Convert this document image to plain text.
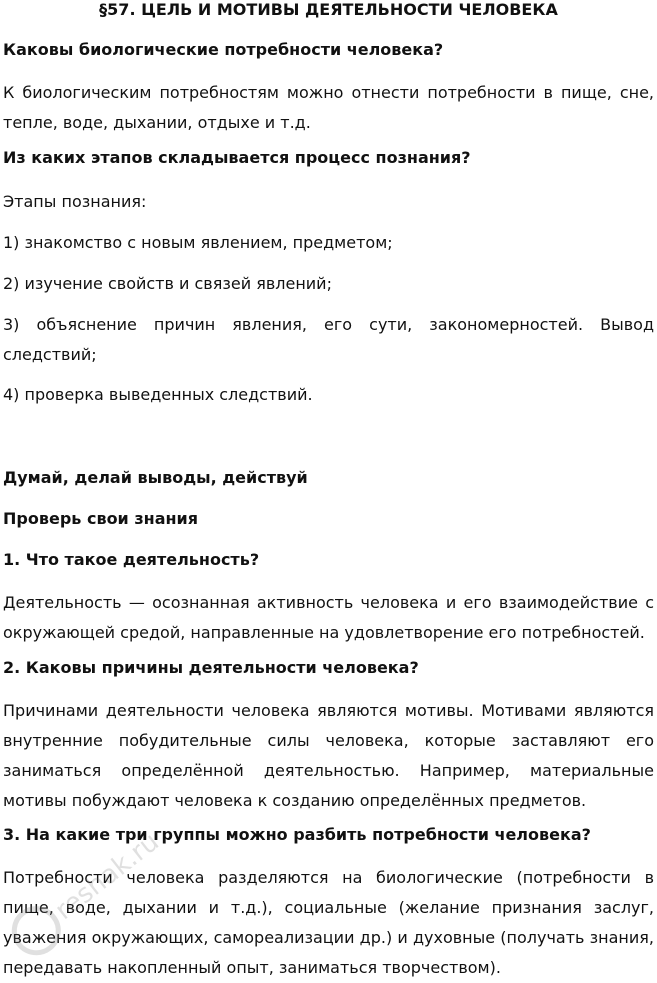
§57. ЦЕЛЬ И МОТИВЫ ДЕЯТЕЛЬНОСТИ ЧЕЛОВЕКА
Каковы биологические потребности человека?
К биологическим потребностям можно отнести потребности в пище, сне, тепле, воде, дыхании, отдыхе и т.д.
Из каких этапов складывается процесс познания?
Этапы познания:
1) знакомство с новым явлением, предметом;
2) изучение свойств и связей явлений;
3) объяснение причин явления, его сути, закономерностей. Вывод следствий;
4) проверка выведенных следствий.
Думай, делай выводы, действуй
Проверь свои знания
1. Что такое деятельность?
Деятельность — осознанная активность человека и его взаимодействие с окружающей средой, направленные на удовлетворение его потребностей.
2. Каковы причины деятельности человека?
Причинами деятельности человека являются мотивы. Мотивами являются внутренние побудительные силы человека, которые заставляют его заниматься определённой деятельностью. Например, материальные мотивы побуждают человека к созданию определённых предметов.
3. На какие три группы можно разбить потребности человека?
Потребности человека разделяются на биологические (потребности в пище, воде, дыхании и т.д.), социальные (желание признания заслуг, уважения окружающих, самореализации др.) и духовные (получать знания, передавать накопленный опыт, заниматься творчеством).
reshak.ru
